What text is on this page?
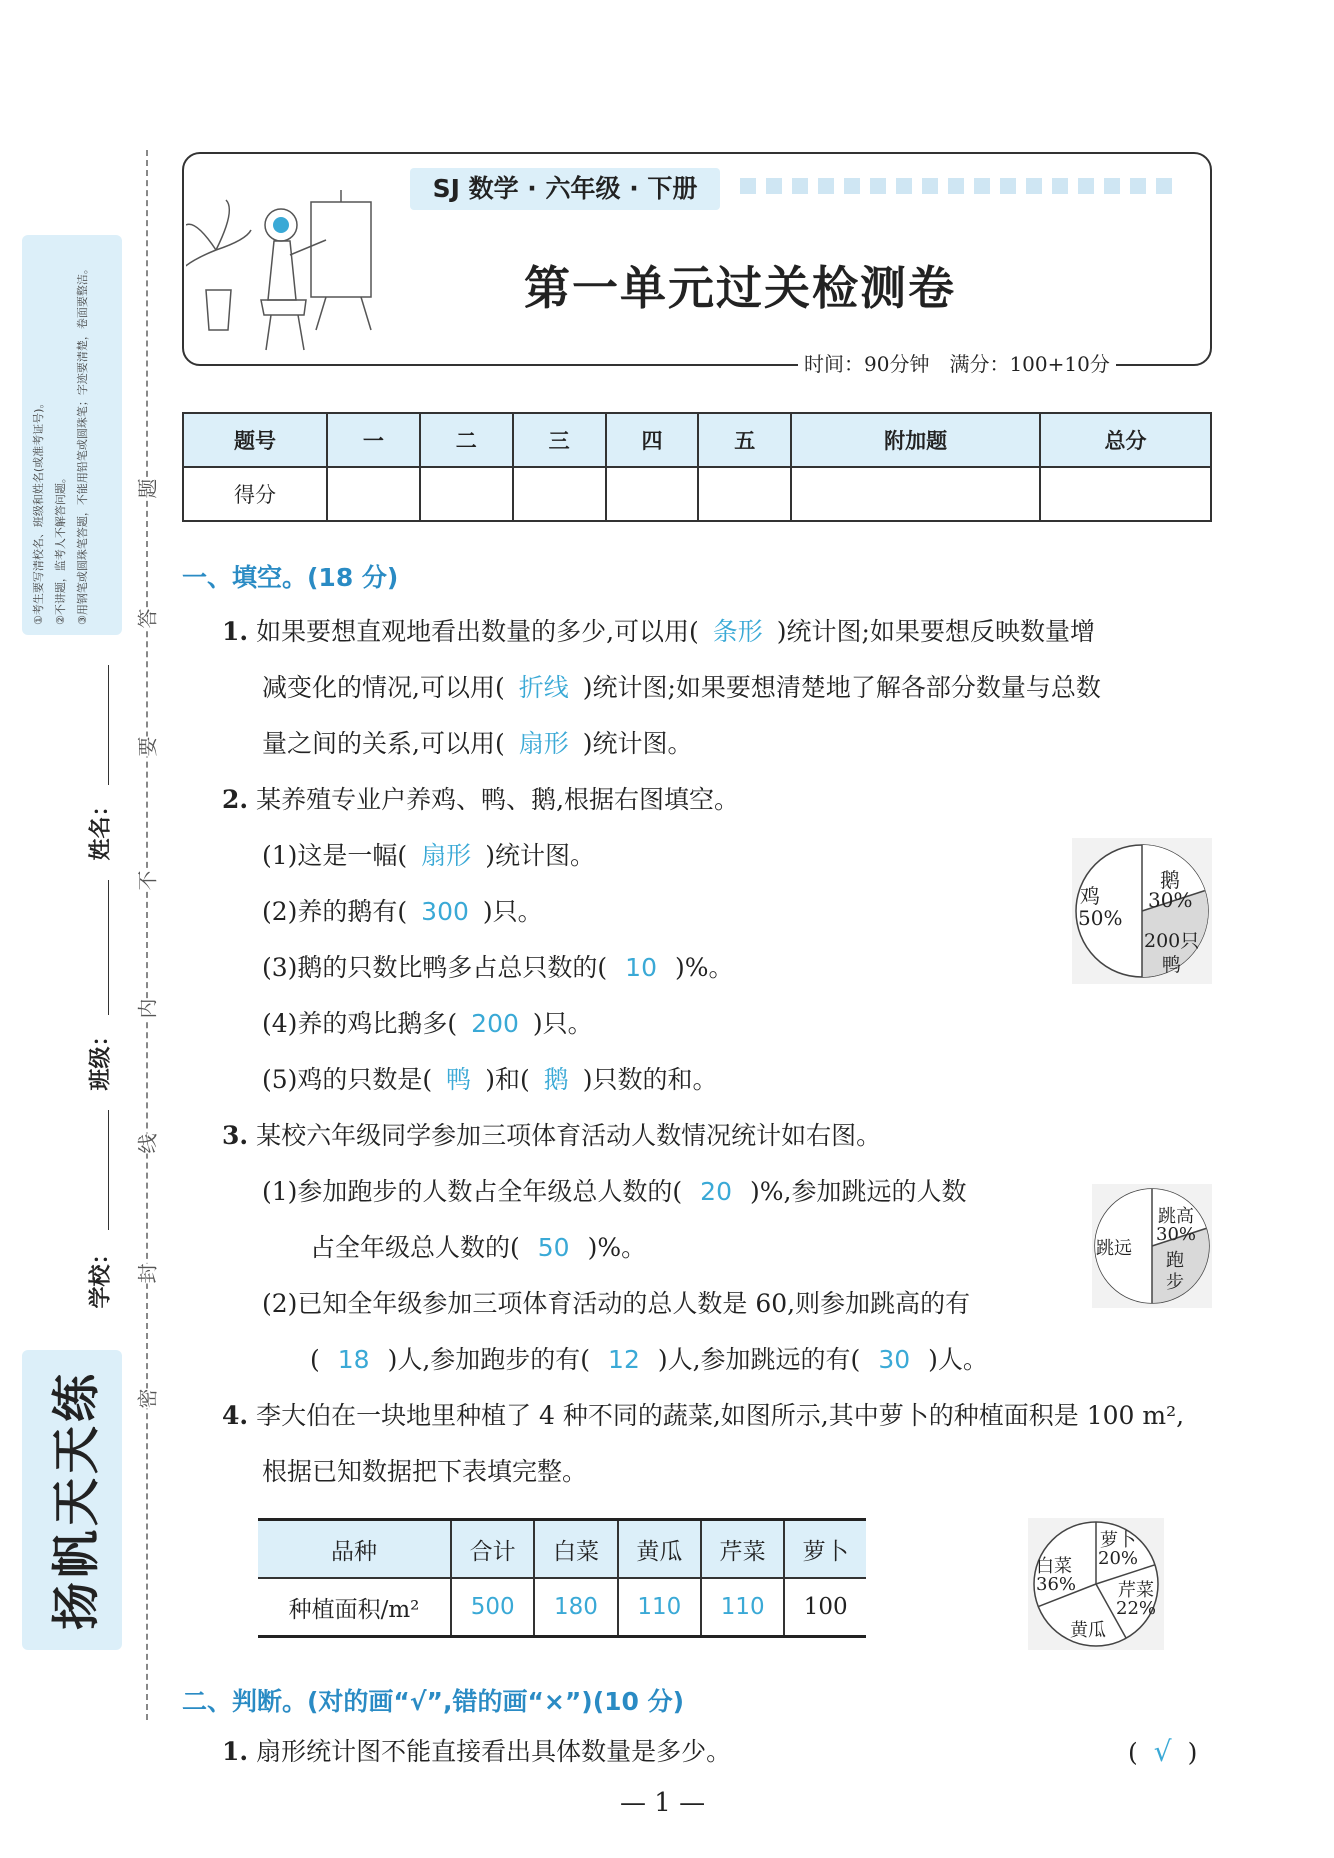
①考生要写清校名、班级和姓名(或准考证号)。 ②不讲题，监考人不解答问题。 ③用钢笔或圆珠笔答题，不能用铅笔或圆珠笔；字迹要清楚，卷面要整洁。
姓名：
班级：
学校：
题
答
要
不
内
线
封
密
扬帆天天练
SJ 数学 · 六年级 · 下册
第一单元过关检测卷
时间：90分钟　满分：100+10分
题号	一	二	三	四	五	附加题	总分
得分							
一、填空。(18 分)
1. 如果要想直观地看出数量的多少,可以用( 条形 )统计图;如果要想反映数量增
减变化的情况,可以用( 折线 )统计图;如果要想清楚地了解各部分数量与总数
量之间的关系,可以用( 扇形 )统计图。
2. 某养殖专业户养鸡、鸭、鹅,根据右图填空。
(1)这是一幅( 扇形 )统计图。
(2)养的鹅有( 300 )只。
(3)鹅的只数比鸭多占总只数的( 10 )%。
(4)养的鸡比鹅多( 200 )只。
(5)鸡的只数是( 鸭 )和( 鹅 )只数的和。
鸡
50%
鹅
30%
200只
鸭
3. 某校六年级同学参加三项体育活动人数情况统计如右图。
(1)参加跑步的人数占全年级总人数的( 20 )%,参加跳远的人数
占全年级总人数的( 50 )%。
(2)已知全年级参加三项体育活动的总人数是 60,则参加跳高的有
( 18 )人,参加跑步的有( 12 )人,参加跳远的有( 30 )人。
跳远
跳高
30%
跑步
4. 李大伯在一块地里种植了 4 种不同的蔬菜,如图所示,其中萝卜的种植面积是 100 m²,
根据已知数据把下表填完整。
品种	合计	白菜	黄瓜	芹菜	萝卜
种植面积/m²	500	180	110	110	100
白菜
36%
萝卜
20%
芹菜
22%
黄瓜
二、判断。(对的画“√”,错的画“×”)(10 分)
1. 扇形统计图不能直接看出具体数量是多少。	( √ )
— 1 —
